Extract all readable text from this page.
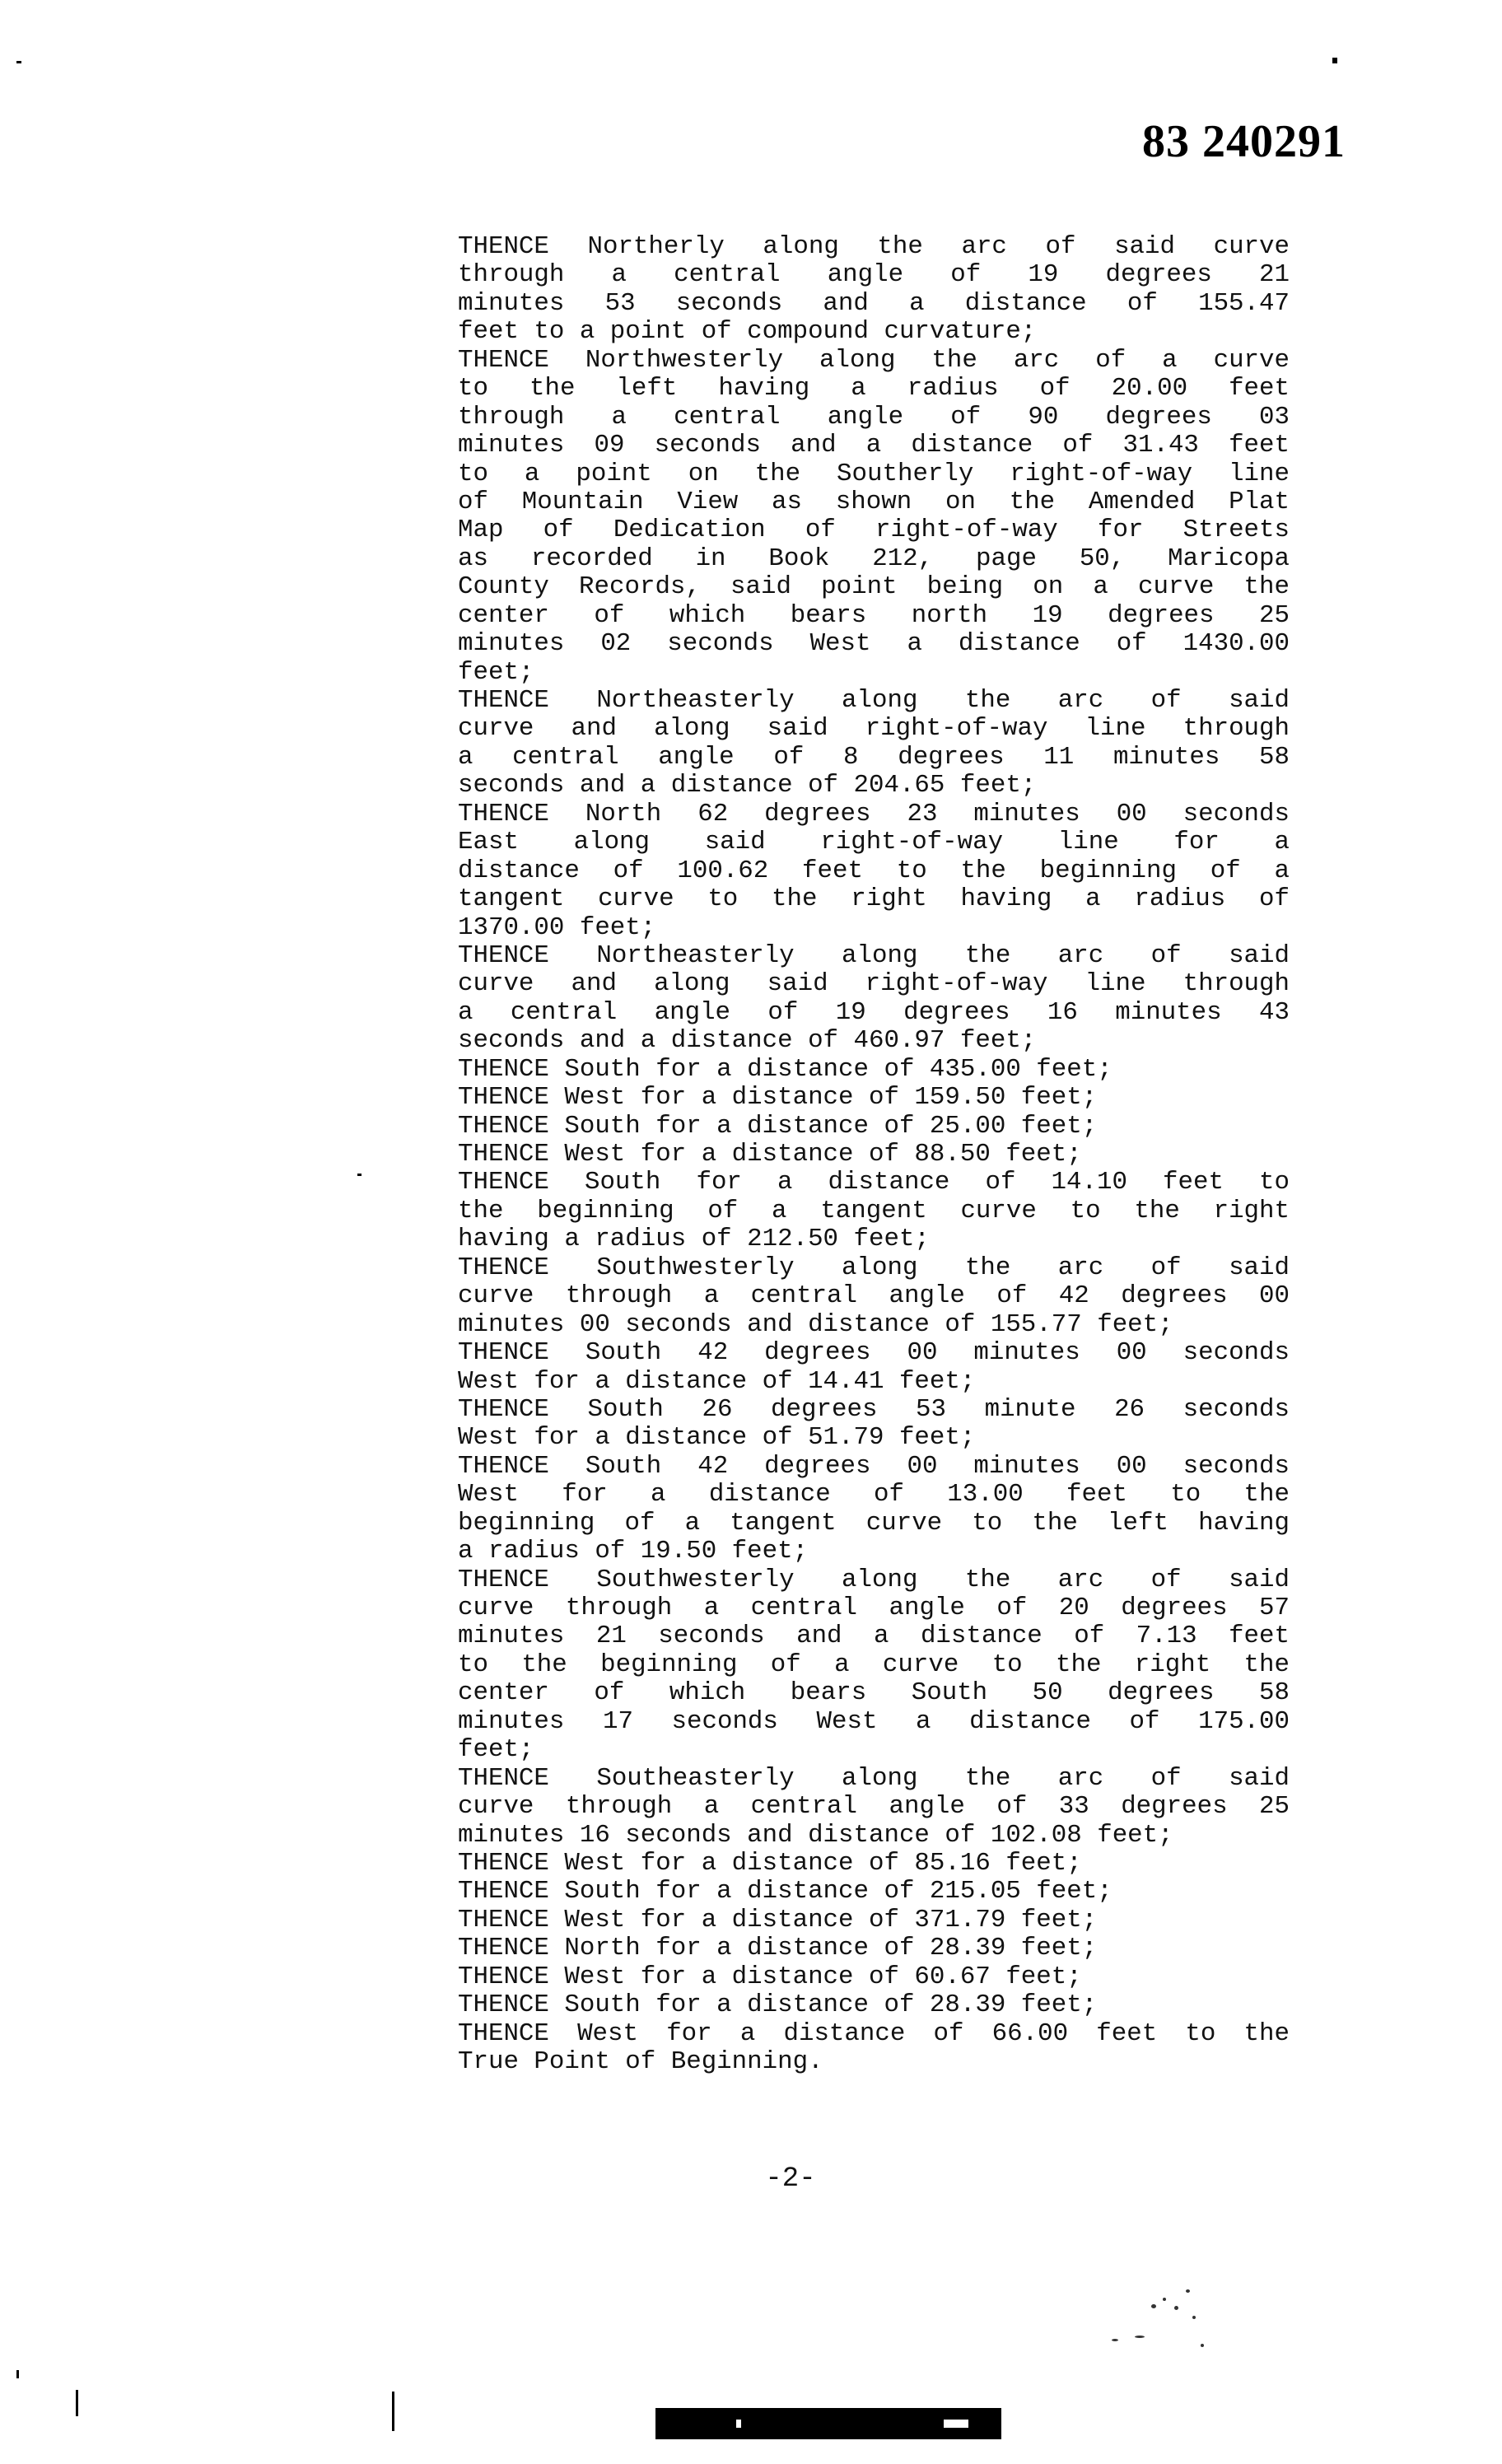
83 240291
THENCE Northerly along the arc of said curve
through a central angle of 19 degrees 21
minutes 53 seconds and a distance of 155.47
feet to a point of compound curvature;
THENCE Northwesterly along the arc of a curve
to the left having a radius of 20.00 feet
through a central angle of 90 degrees 03
minutes 09 seconds and a distance of 31.43 feet
to a point on the Southerly right-of-way line
of Mountain View as shown on the Amended Plat
Map of Dedication of right-of-way for Streets
as recorded in Book 212, page 50, Maricopa
County Records, said point being on a curve the
center of which bears north 19 degrees 25
minutes 02 seconds West a distance of 1430.00
feet;
THENCE Northeasterly along the arc of said
curve and along said right-of-way line through
a central angle of 8 degrees 11 minutes 58
seconds and a distance of 204.65 feet;
THENCE North 62 degrees 23 minutes 00 seconds
East along said right-of-way line for a
distance of 100.62 feet to the beginning of a
tangent curve to the right having a radius of
1370.00 feet;
THENCE Northeasterly along the arc of said
curve and along said right-of-way line through
a central angle of 19 degrees 16 minutes 43
seconds and a distance of 460.97 feet;
THENCE South for a distance of 435.00 feet;
THENCE West for a distance of 159.50 feet;
THENCE South for a distance of 25.00 feet;
THENCE West for a distance of 88.50 feet;
THENCE South for a distance of 14.10 feet to
the beginning of a tangent curve to the right
having a radius of 212.50 feet;
THENCE Southwesterly along the arc of said
curve through a central angle of 42 degrees 00
minutes 00 seconds and distance of 155.77 feet;
THENCE South 42 degrees 00 minutes 00 seconds
West for a distance of 14.41 feet;
THENCE South 26 degrees 53 minute 26 seconds
West for a distance of 51.79 feet;
THENCE South 42 degrees 00 minutes 00 seconds
West for a distance of 13.00 feet to the
beginning of a tangent curve to the left having
a radius of 19.50 feet;
THENCE Southwesterly along the arc of said
curve through a central angle of 20 degrees 57
minutes 21 seconds and a distance of 7.13 feet
to the beginning of a curve to the right the
center of which bears South 50 degrees 58
minutes 17 seconds West a distance of 175.00
feet;
THENCE Southeasterly along the arc of said
curve through a central angle of 33 degrees 25
minutes 16 seconds and distance of 102.08 feet;
THENCE West for a distance of 85.16 feet;
THENCE South for a distance of 215.05 feet;
THENCE West for a distance of 371.79 feet;
THENCE North for a distance of 28.39 feet;
THENCE West for a distance of 60.67 feet;
THENCE South for a distance of 28.39 feet;
THENCE West for a distance of 66.00 feet to the
True Point of Beginning.
-2-
